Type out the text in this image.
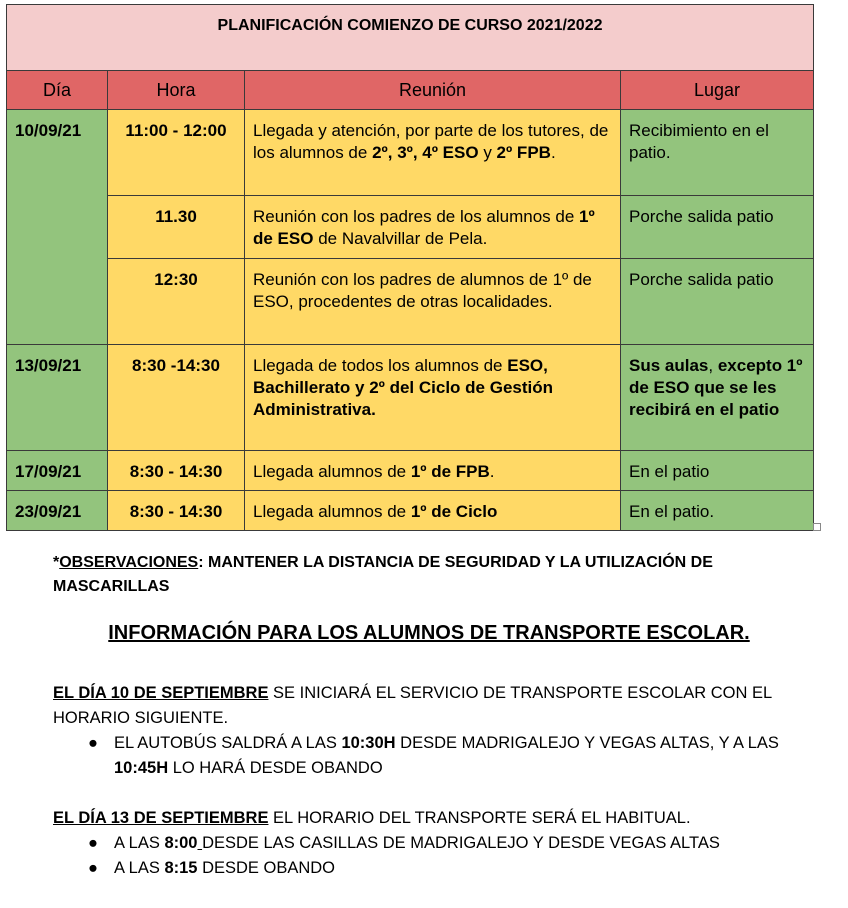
PLANIFICACIÓN COMIENZO DE CURSO 2021/2022			
Día	Hora	Reunión	Lugar
10/09/21	11:00 - 12:00	Llegada y atención, por parte de los tutores, de los alumnos de 2º, 3º, 4º ESO y 2º FPB.	Recibimiento en el patio.
	11.30	Reunión con los padres de los alumnos de 1º de ESO de Navalvillar de Pela.	Porche salida patio
	12:30	Reunión con los padres de alumnos de 1º de ESO, procedentes de otras localidades.	Porche salida patio
13/09/21	8:30 -14:30	Llegada de todos los alumnos de ESO, Bachillerato y 2º del Ciclo de Gestión Administrativa.	Sus aulas, excepto 1º de ESO que se les recibirá en el patio
17/09/21	8:30 - 14:30	Llegada alumnos de 1º de FPB.	En el patio
23/09/21	8:30 - 14:30	Llegada alumnos de 1º de Ciclo	En el patio.
*OBSERVACIONES: MANTENER LA DISTANCIA DE SEGURIDAD Y LA UTILIZACIÓN DE MASCARILLAS
INFORMACIÓN PARA LOS ALUMNOS DE TRANSPORTE ESCOLAR.
EL DÍA 10 DE SEPTIEMBRE SE INICIARÁ EL SERVICIO DE TRANSPORTE ESCOLAR CON EL HORARIO SIGUIENTE.
● EL AUTOBÚS SALDRÁ A LAS 10:30H DESDE MADRIGALEJO Y VEGAS ALTAS, Y A LAS 10:45H LO HARÁ DESDE OBANDO
EL DÍA 13 DE SEPTIEMBRE EL HORARIO DEL TRANSPORTE SERÁ EL HABITUAL.
● A LAS 8:00 DESDE LAS CASILLAS DE MADRIGALEJO Y DESDE VEGAS ALTAS
● A LAS 8:15 DESDE OBANDO
